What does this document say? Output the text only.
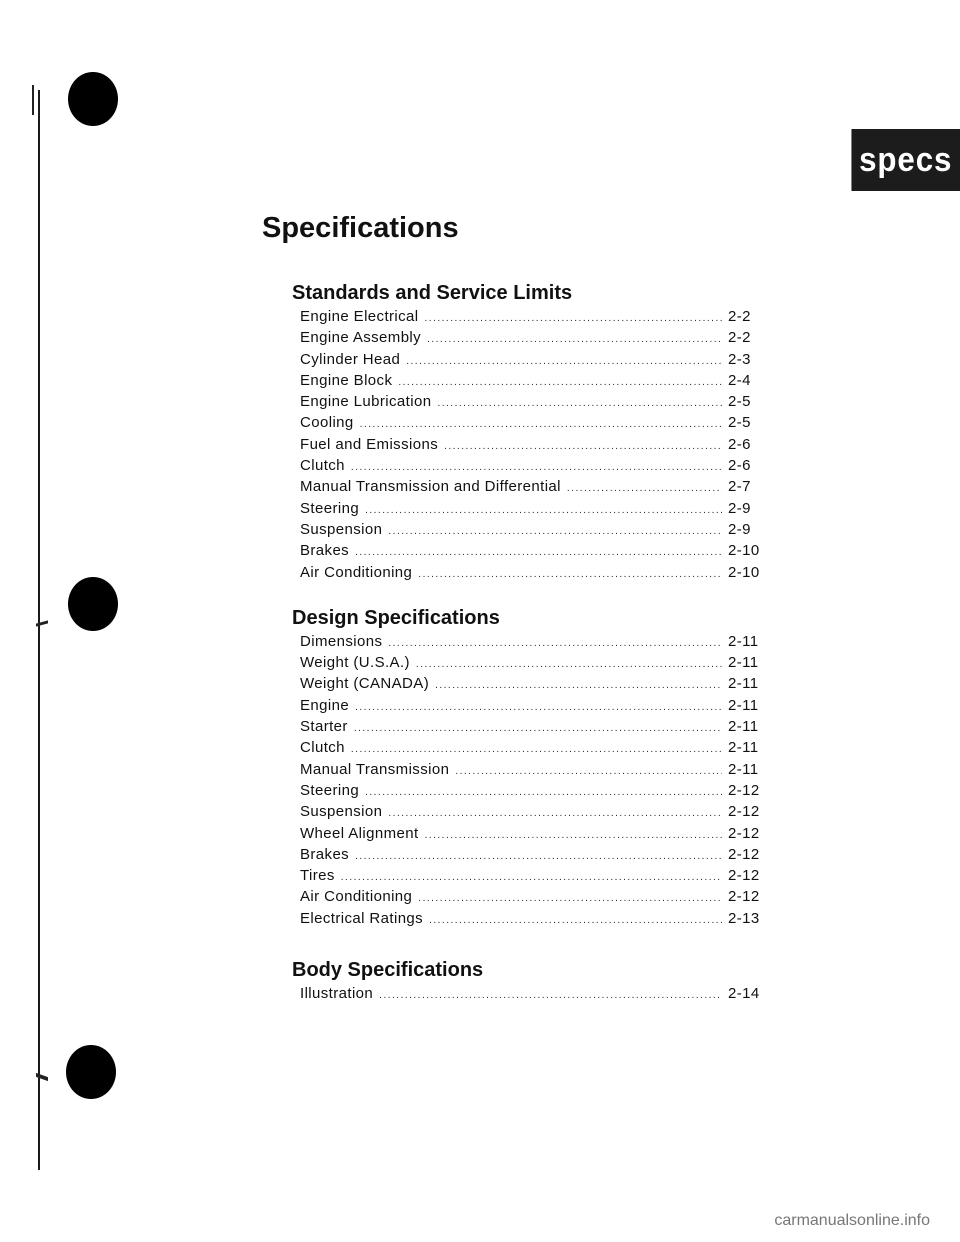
specs
Specifications
Standards and Service Limits
Engine Electrical .....	2-2
Engine Assembly .....	2-2
Cylinder Head .....	2-3
Engine Block .....	2-4
Engine Lubrication .....	2-5
Cooling .....	2-5
Fuel and Emissions .....	2-6
Clutch .....	2-6
Manual Transmission and Differential .....	2-7
Steering .....	2-9
Suspension .....	2-9
Brakes .....	2-10
Air Conditioning .....	2-10
Design Specifications
Dimensions .....	2-11
Weight (U.S.A.) .....	2-11
Weight (CANADA) .....	2-11
Engine .....	2-11
Starter .....	2-11
Clutch .....	2-11
Manual Transmission .....	2-11
Steering .....	2-12
Suspension .....	2-12
Wheel Alignment .....	2-12
Brakes .....	2-12
Tires .....	2-12
Air Conditioning .....	2-12
Electrical Ratings .....	2-13
Body Specifications
Illustration .....	2-14
carmanualsonline.info
